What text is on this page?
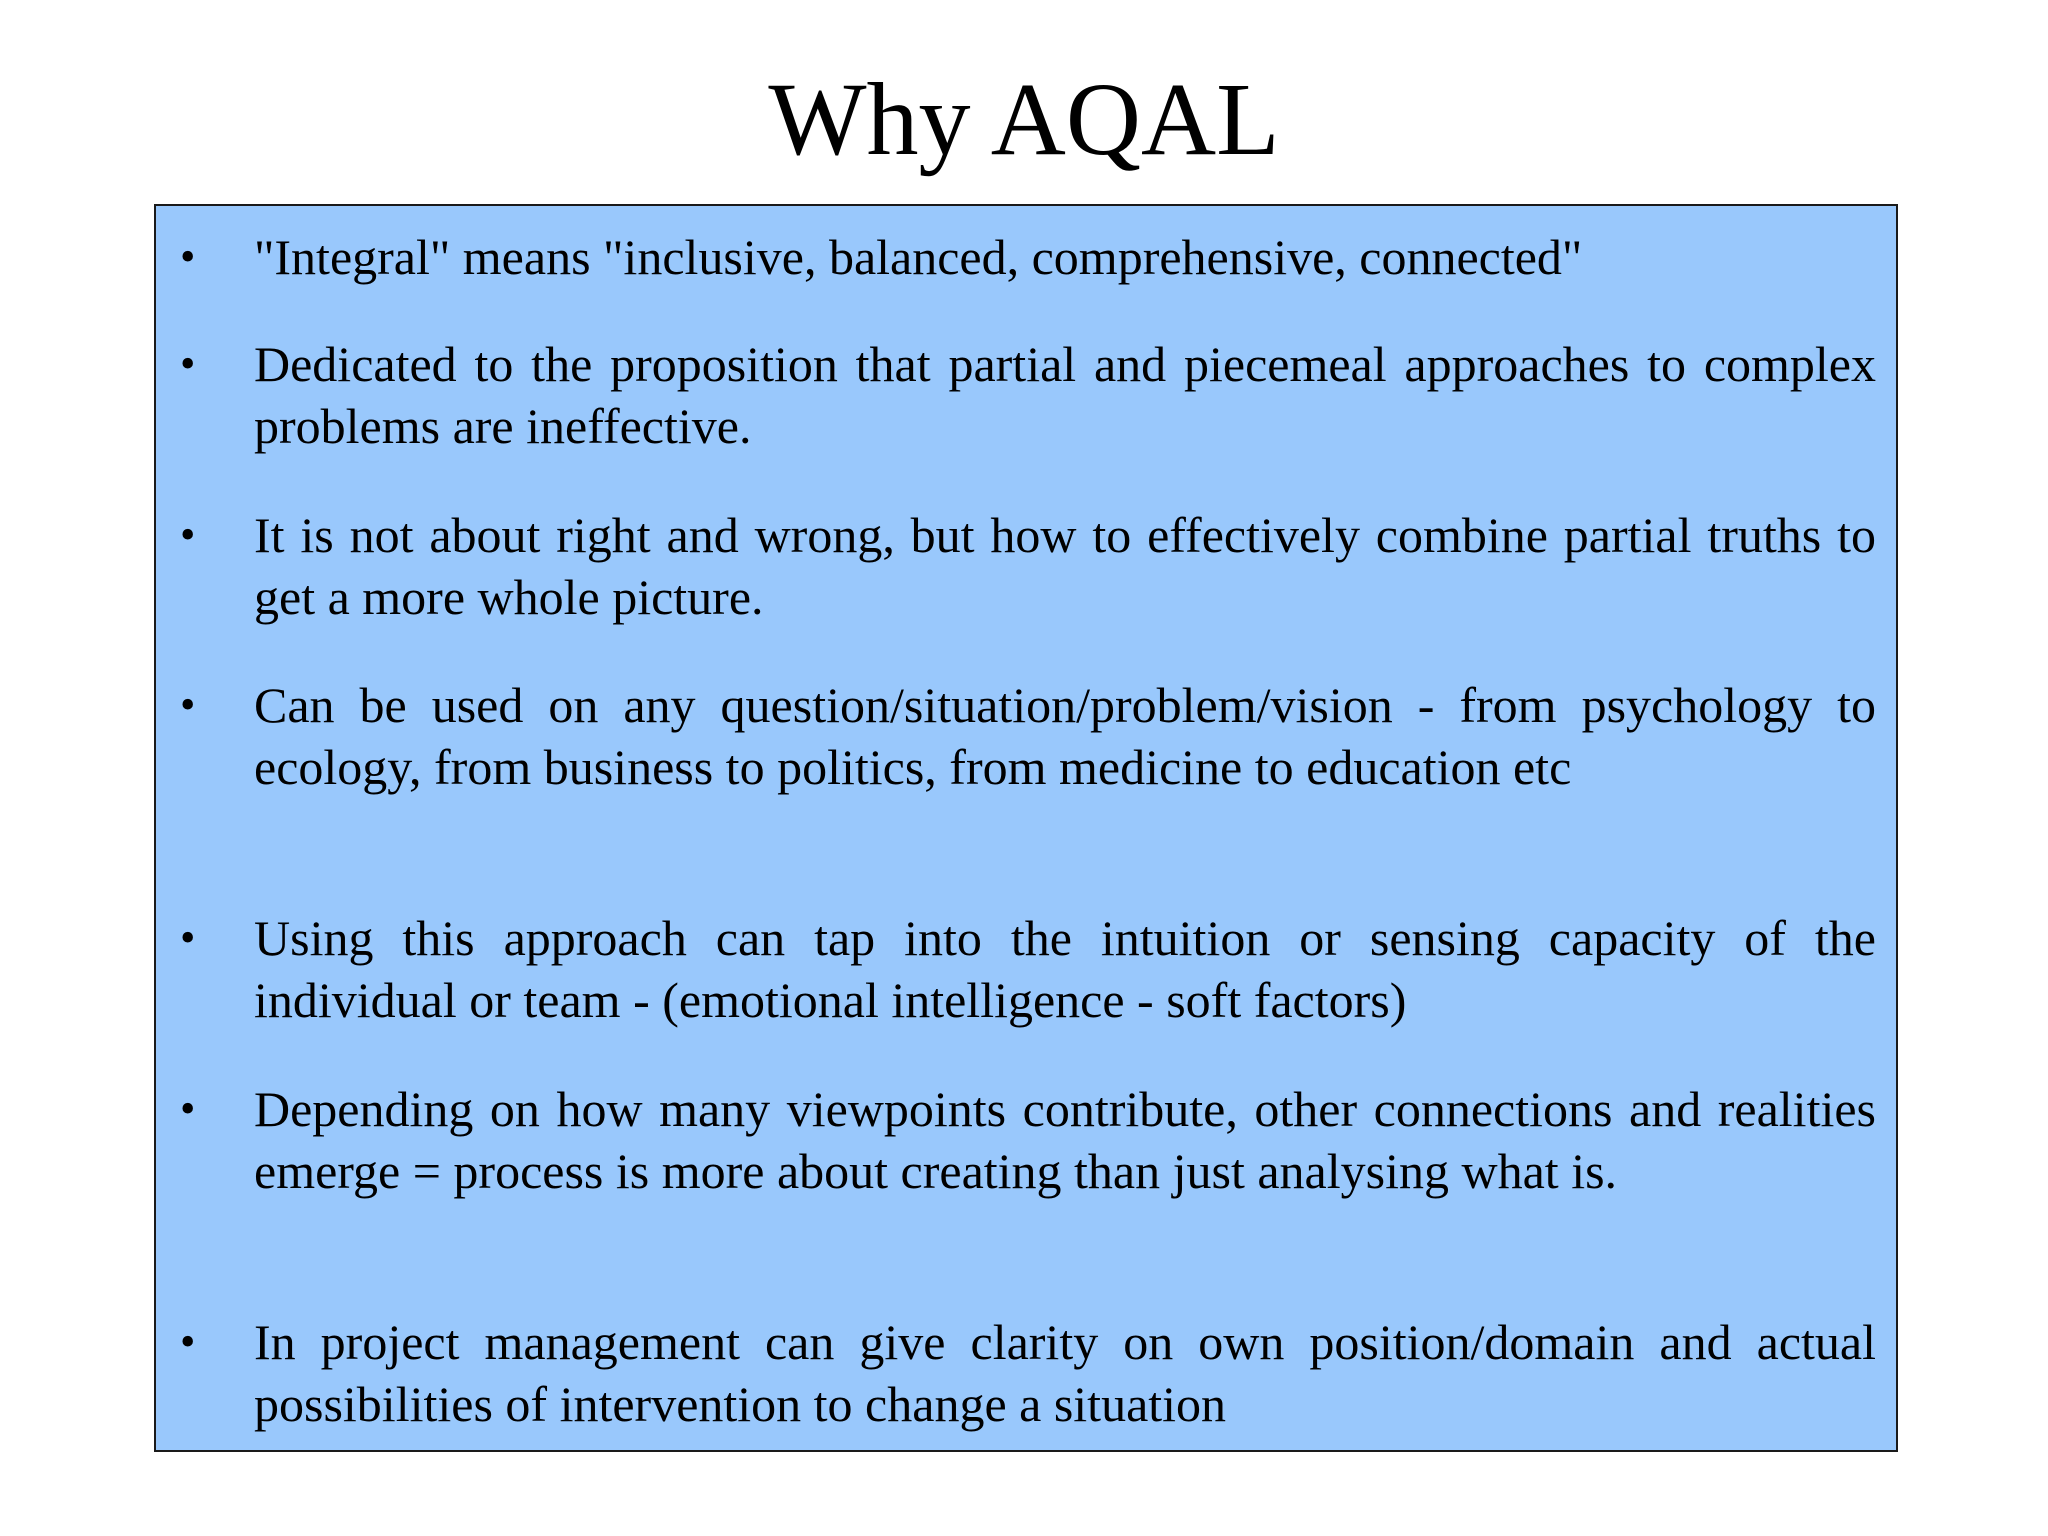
Why AQAL
• "Integral" means "inclusive, balanced, comprehensive, connected"
• Dedicated to the proposition that partial and piecemeal approaches to complex problems are ineffective.
• It is not about right and wrong, but how to effectively combine partial truths to get a more whole picture.
• Can be used on any question/situation/problem/vision - from psychology to ecology, from business to politics, from medicine to education etc
• Using this approach can tap into the intuition or sensing capacity of the individual or team - (emotional intelligence - soft factors)
• Depending on how many viewpoints contribute, other connections and realities emerge = process is more about creating than just analysing what is.
• In project management can give clarity on own position/domain and actual possibilities of intervention to change a situation
